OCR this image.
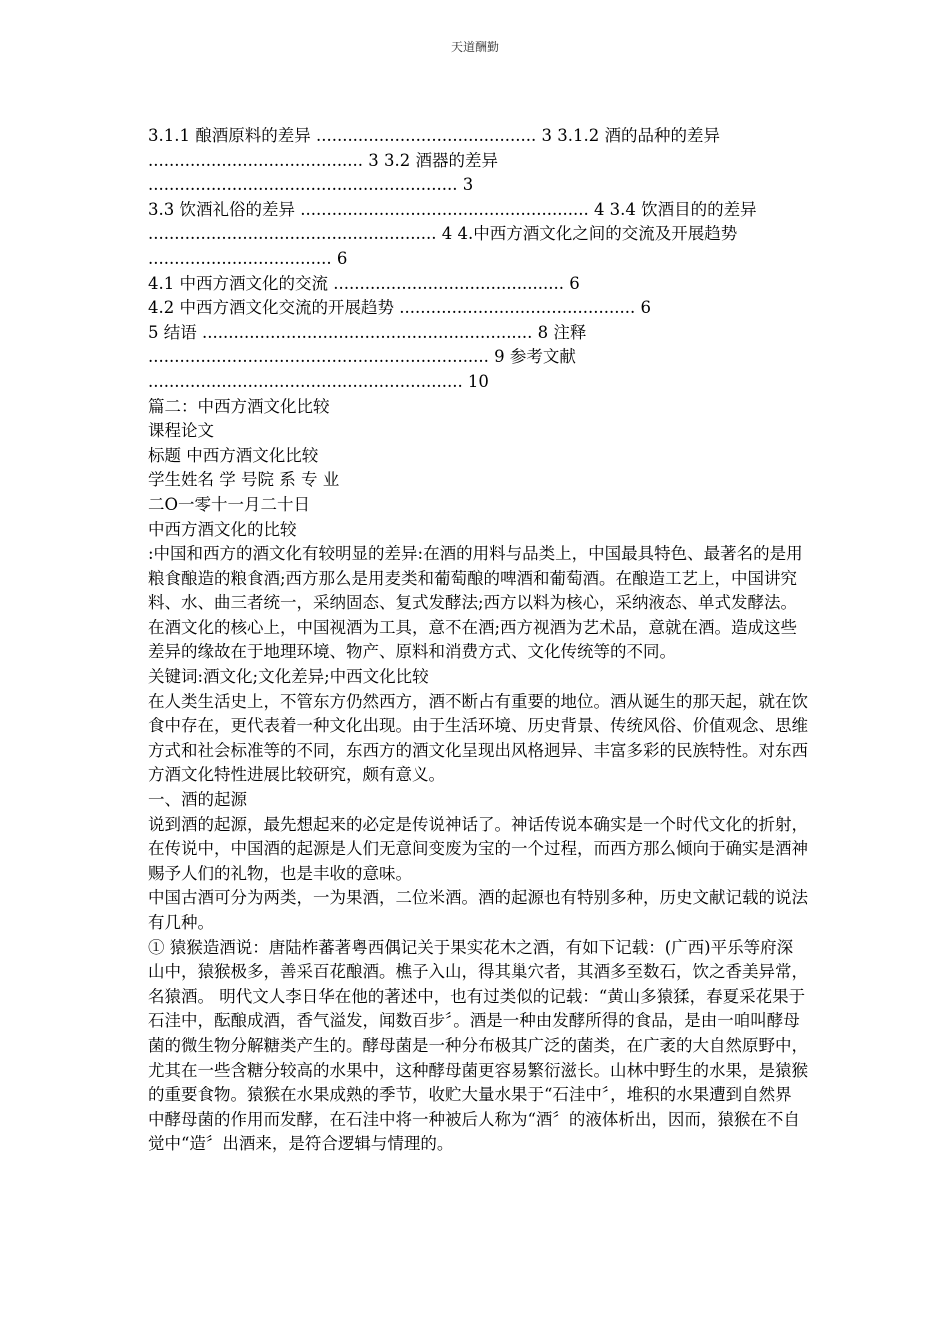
天道酬勤

3.1.1 酿酒原料的差异 .......................................... 3 3.1.2 酒的品种的差异

......................................... 3 3.2 酒器的差异 ........................................................... 3

3.3 饮酒礼俗的差异 ....................................................... 4 3.4 饮酒目的的差异

....................................................... 4 4.中西方酒文化之间的交流及开展趋势

................................... 6

4.1 中西方酒文化的交流 ............................................ 6

4.2 中西方酒文化交流的开展趋势 ............................................. 6

5 结语 ............................................................... 8 注释

................................................................. 9 参考文献

............................................................ 10

篇二：中西方酒文化比较

课程论文

标题 中西方酒文化比较

学生姓名 学 号院 系 专 业

二O一零十一月二十日

中西方酒文化的比较

:中国和西方的酒文化有较明显的差异:在酒的用料与品类上，中国最具特色、最著名的是用粮食酿造的粮食酒;西方那么是用麦类和葡萄酿的啤酒和葡萄酒。在酿造工艺上，中国讲究料、水、曲三者统一，采纳固态、复式发酵法;西方以料为核心，采纳液态、单式发酵法。在酒文化的核心上，中国视酒为工具，意不在酒;西方视酒为艺术品，意就在酒。造成这些差异的缘故在于地理环境、物产、原料和消费方式、文化传统等的不同。

关键词:酒文化;文化差异;中西文化比较

在人类生活史上，不管东方仍然西方，酒不断占有重要的地位。酒从诞生的那天起，就在饮食中存在，更代表着一种文化出现。由于生活环境、历史背景、传统风俗、价值观念、思维方式和社会标准等的不同，东西方的酒文化呈现出风格迥异、丰富多彩的民族特性。对东西方酒文化特性进展比较研究，颇有意义。

一、酒的起源

说到酒的起源，最先想起来的必定是传说神话了。神话传说本确实是一个时代文化的折射，在传说中，中国酒的起源是人们无意间变废为宝的一个过程，而西方那么倾向于确实是酒神赐予人们的礼物，也是丰收的意味。

中国古酒可分为两类，一为果酒，二位米酒。酒的起源也有特别多种，历史文献记载的说法有几种。

① 猿猴造酒说：唐陆柞蕃著粤西偶记关于果实花木之酒，有如下记载：(广西)平乐等府深山中，猿猴极多，善采百花酿酒。樵子入山，得其巢穴者，其酒多至数石，饮之香美异常，名猿酒。 明代文人李日华在他的著述中，也有过类似的记载：“黄山多猿猱，春夏采花果于石洼中，酝酿成酒，香气溢发，闻数百步〞。酒是一种由发酵所得的食品，是由一咱叫酵母菌的微生物分解糖类产生的。酵母菌是一种分布极其广泛的菌类，在广袤的大自然原野中，尤其在一些含糖分较高的水果中，这种酵母菌更容易繁衍滋长。山林中野生的水果，是猿猴的重要食物。猿猴在水果成熟的季节，收贮大量水果于“石洼中〞，堆积的水果遭到自然界中酵母菌的作用而发酵，在石洼中将一种被后人称为“酒〞的液体析出，因而，猿猴在不自觉中“造〞出酒来，是符合逻辑与情理的。
